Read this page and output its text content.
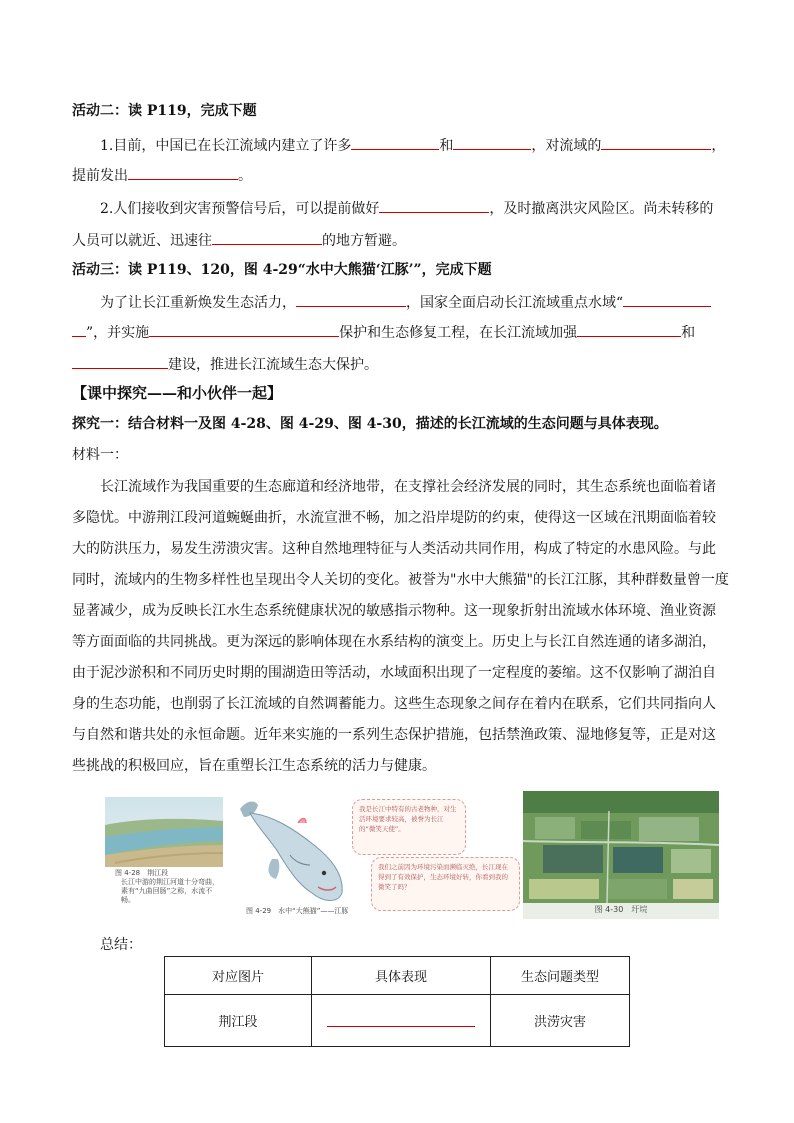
活动二：读 P119，完成下题
1.目前，中国已在长江流域内建立了许多	和	，对流域的	，
提前发出	。
2.人们接收到灾害预警信号后，可以提前做好	，及时撤离洪灾风险区。尚未转移的
人员可以就近、迅速往	的地方暂避。
活动三：读 P119、120，图 4-29“水中大熊猫‘江豚’”，完成下题
为了让长江重新焕发生态活力，	，国家全面启动长江流域重点水域“
”，并实施	保护和生态修复工程，在长江流域加强	和
建设，推进长江流域生态大保护。
【课中探究——和小伙伴一起】
探究一：结合材料一及图 4-28、图 4-29、图 4-30，描述的长江流域的生态问题与具体表现。
材料一：
长江流域作为我国重要的生态廊道和经济地带，在支撑社会经济发展的同时，其生态系统也面临着诸
多隐忧。中游荆江段河道蜿蜒曲折，水流宣泄不畅，加之沿岸堤防的约束，使得这一区域在汛期面临着较
大的防洪压力，易发生涝溃灾害。这种自然地理特征与人类活动共同作用，构成了特定的水患风险。与此
同时，流域内的生物多样性也呈现出令人关切的变化。被誉为"水中大熊猫"的长江江豚，其种群数量曾一度
显著减少，成为反映长江水生态系统健康状况的敏感指示物种。这一现象折射出流域水体环境、渔业资源
等方面面临的共同挑战。更为深远的影响体现在水系结构的演变上。历史上与长江自然连通的诸多湖泊，
由于泥沙淤积和不同历史时期的围湖造田等活动，水域面积出现了一定程度的萎缩。这不仅影响了湖泊自
身的生态功能，也削弱了长江流域的自然调蓄能力。这些生态现象之间存在着内在联系，它们共同指向人
与自然和谐共处的永恒命题。近年来实施的一系列生态保护措施，包括禁渔政策、湿地修复等，正是对这
些挑战的积极回应，旨在重塑长江生态系统的活力与健康。
图 4-28　荆江段
长江中游的荆江河道十分弯曲，素有“九曲回肠”之称，水流不畅。
图 4-29　水中“大熊猫”——江豚
我是长江中特有的古老物种，对生活环境要求较高，被誉为长江的“微笑天使”。
我们之前因为环境污染而濒临灭绝，长江现在得到了有效保护，生态环境好转，你看到我的微笑了吗？
图 4-30　圩垸
总结：
对应图片	具体表现	生态问题类型
荆江段		洪涝灾害
